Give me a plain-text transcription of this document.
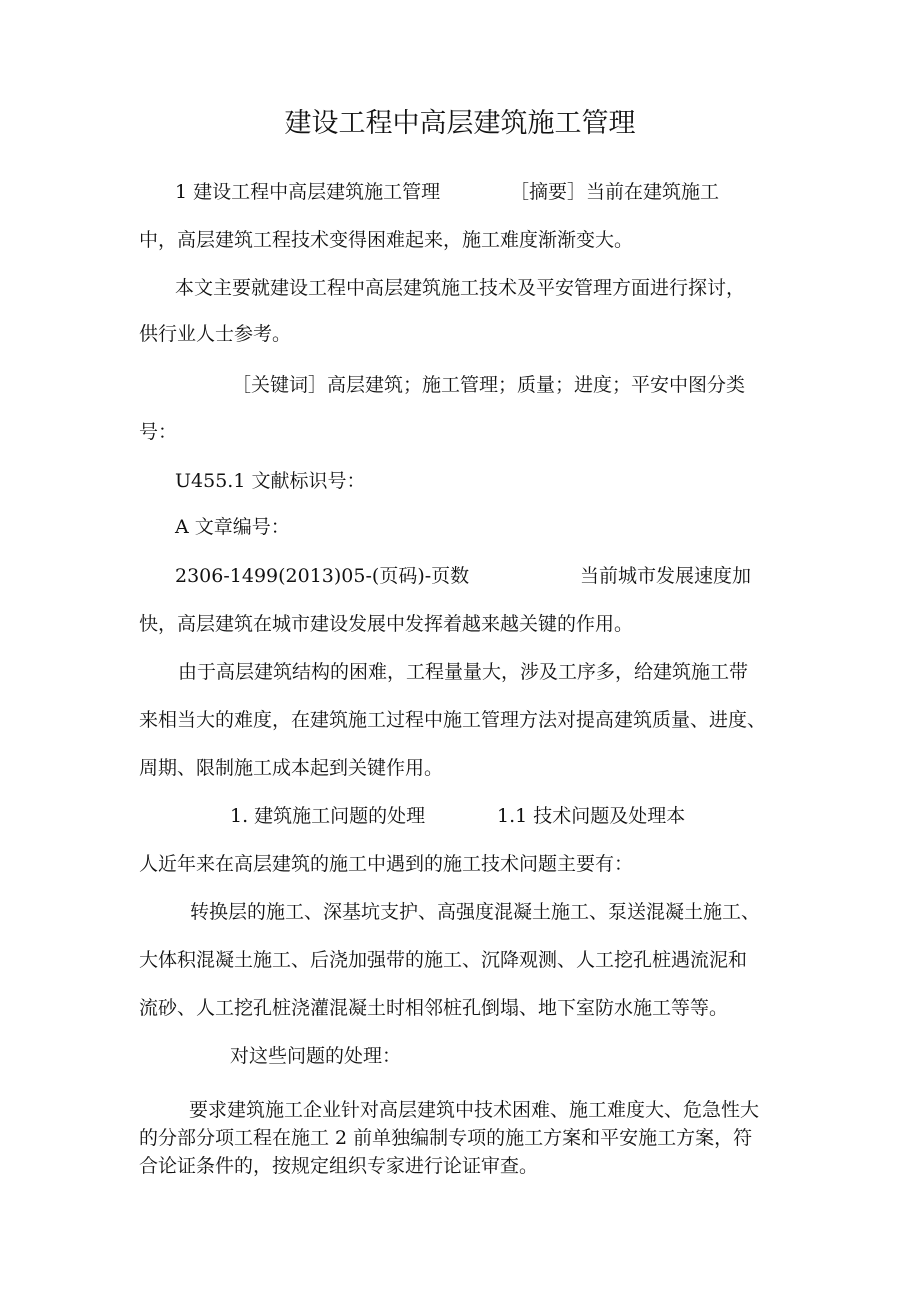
建设工程中高层建筑施工管理
1 建设工程中高层建筑施工管理	［摘要］当前在建筑施工
中，高层建筑工程技术变得困难起来，施工难度渐渐变大。
本文主要就建设工程中高层建筑施工技术及平安管理方面进行探讨，
供行业人士参考。
［关键词］高层建筑；施工管理；质量；进度；平安中图分类
号：
U455.1 文献标识号：
A 文章编号：
2306-1499(2013)05-(页码)-页数	当前城市发展速度加
快，高层建筑在城市建设发展中发挥着越来越关键的作用。
由于高层建筑结构的困难，工程量量大，涉及工序多，给建筑施工带
来相当大的难度，在建筑施工过程中施工管理方法对提高建筑质量、进度、
周期、限制施工成本起到关键作用。
1. 建筑施工问题的处理	1.1 技术问题及处理本
人近年来在高层建筑的施工中遇到的施工技术问题主要有：
转换层的施工、深基坑支护、高强度混凝土施工、泵送混凝土施工、
大体积混凝土施工、后浇加强带的施工、沉降观测、人工挖孔桩遇流泥和
流砂、人工挖孔桩浇灌混凝土时相邻桩孔倒塌、地下室防水施工等等。
对这些问题的处理：
要求建筑施工企业针对高层建筑中技术困难、施工难度大、危急性大
的分部分项工程在施工 2 前单独编制专项的施工方案和平安施工方案，符
合论证条件的，按规定组织专家进行论证审查。
